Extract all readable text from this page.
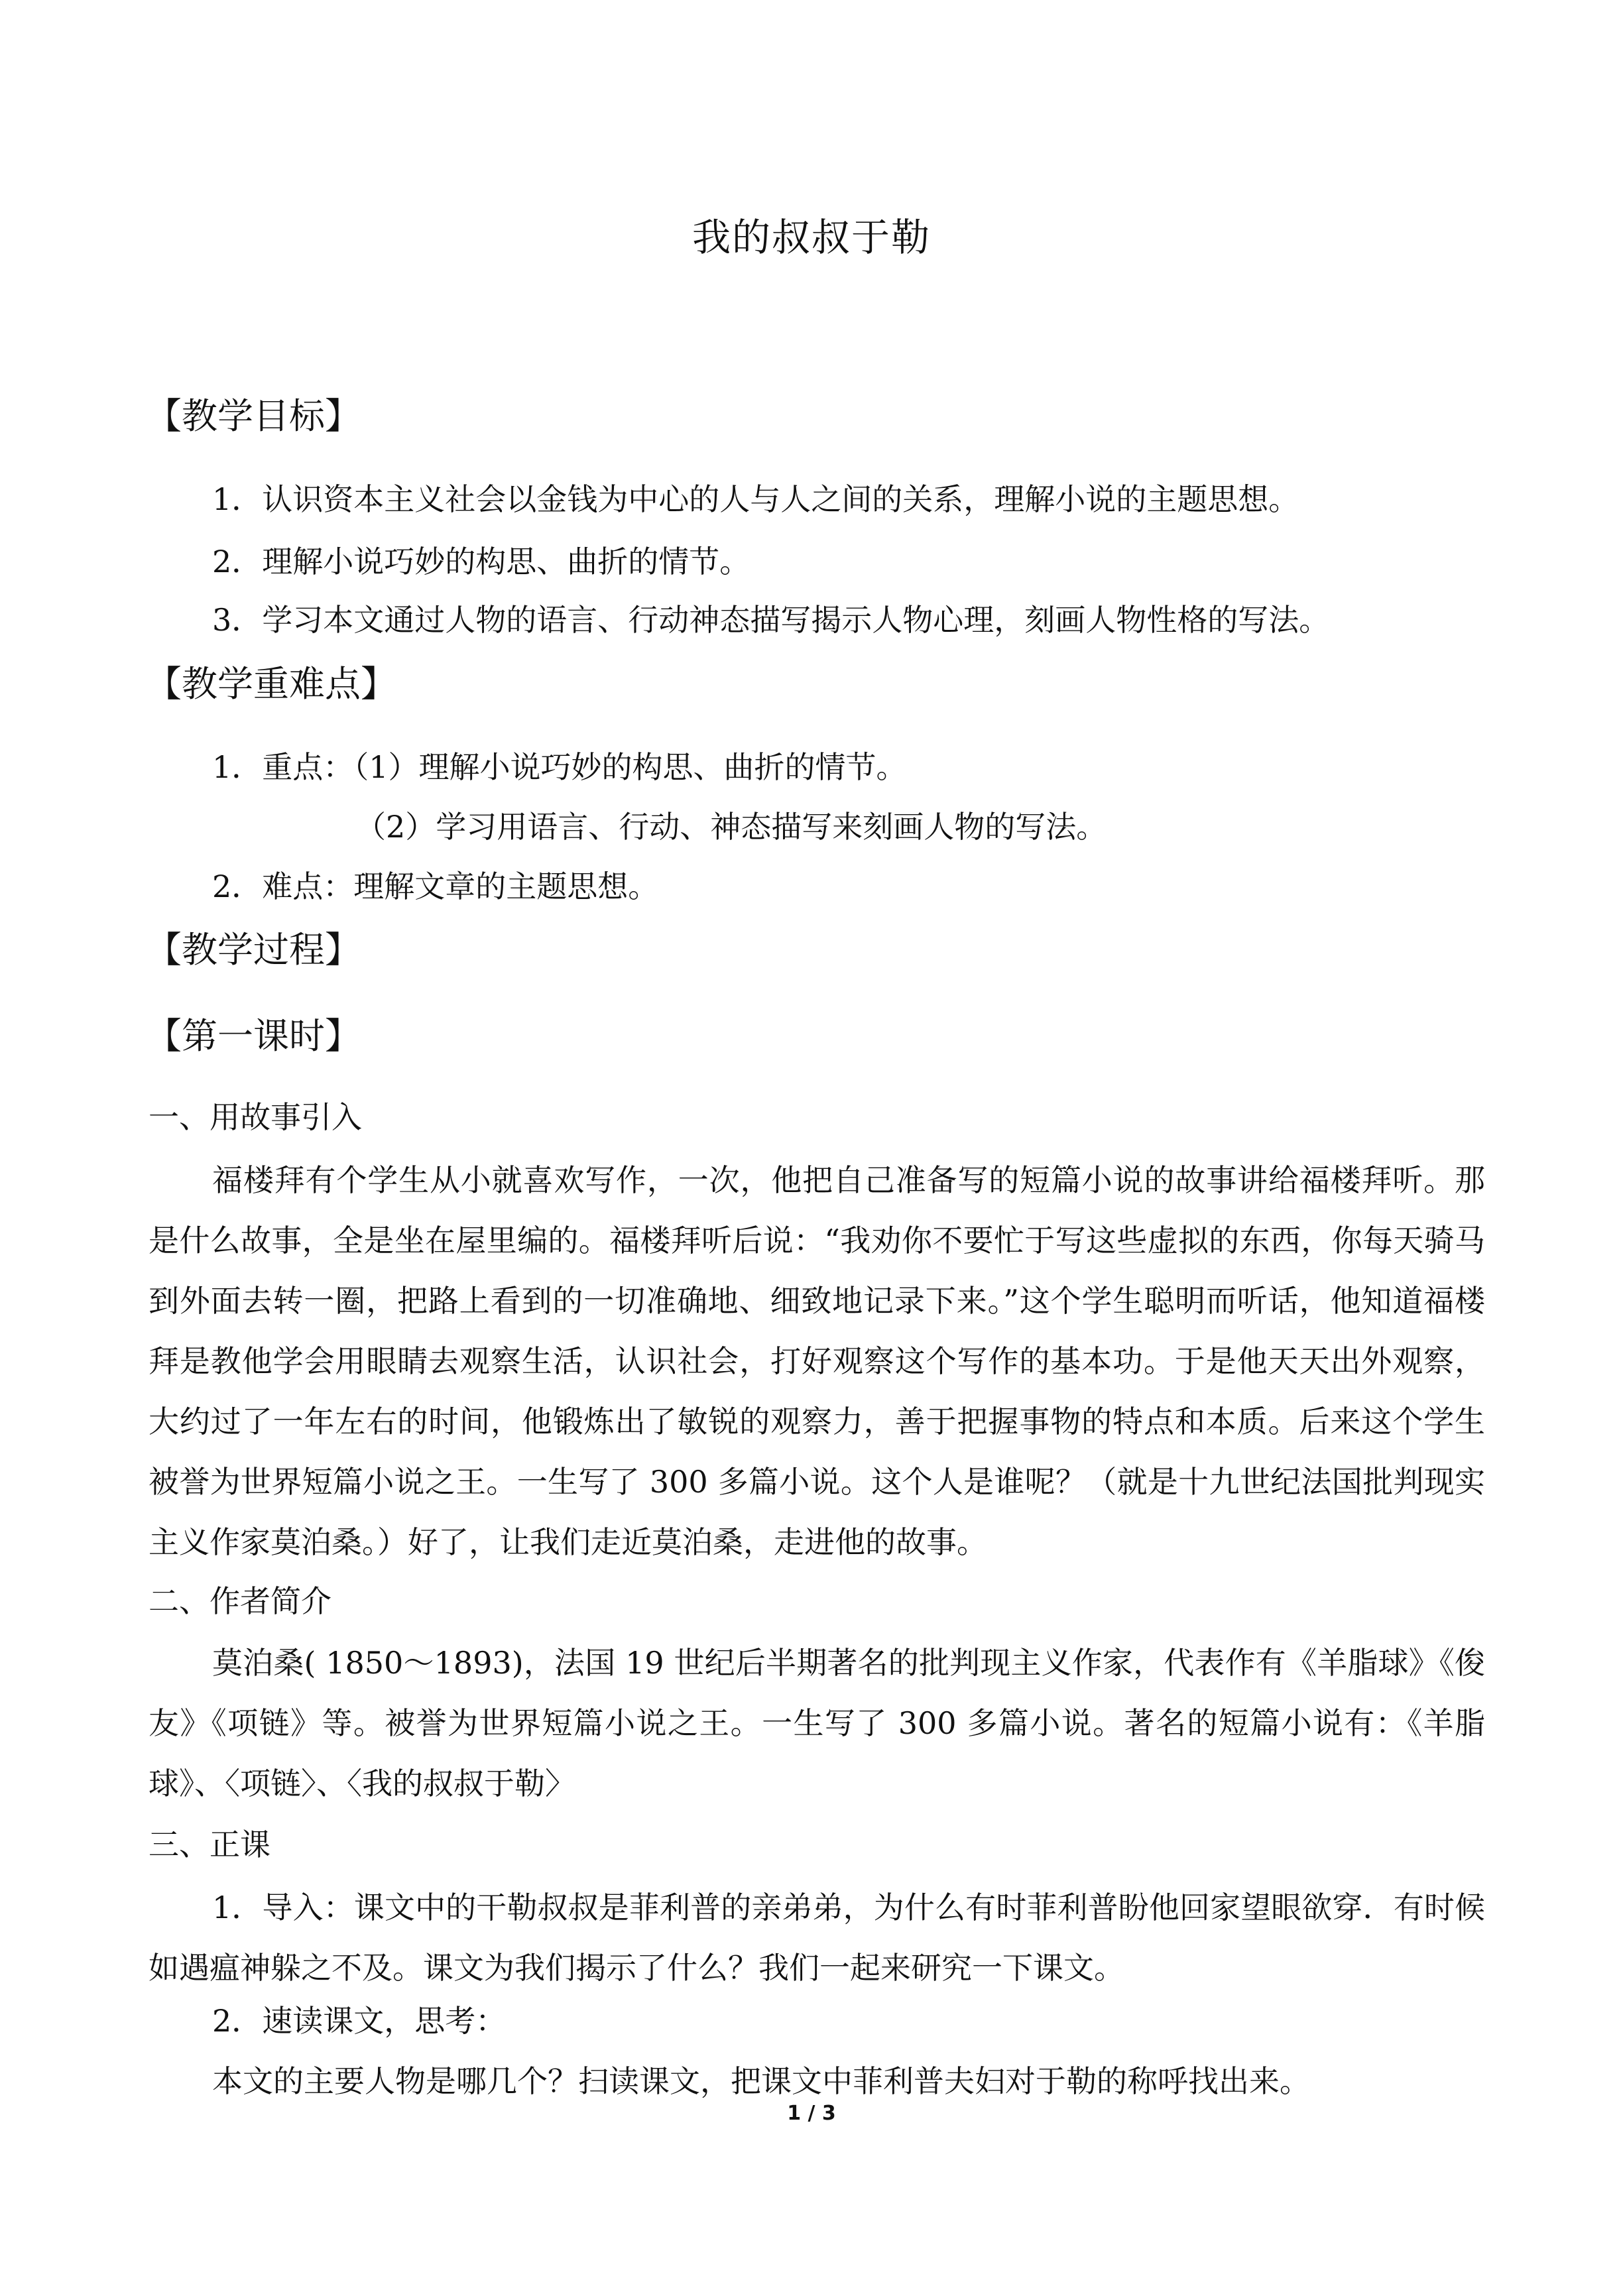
我的叔叔于勒
【教学目标】
1．认识资本主义社会以金钱为中心的人与人之间的关系，理解小说的主题思想。
2．理解小说巧妙的构思、曲折的情节。
3．学习本文通过人物的语言、行动神态描写揭示人物心理，刻画人物性格的写法。
【教学重难点】
1．重点：（1）理解小说巧妙的构思、曲折的情节。
（2）学习用语言、行动、神态描写来刻画人物的写法。
2．难点：理解文章的主题思想。
【教学过程】
【第一课时】
一、用故事引入
福楼拜有个学生从小就喜欢写作，一次，他把自己准备写的短篇小说的故事讲给福楼拜听。那是什么故事，全是坐在屋里编的。福楼拜听后说：“我劝你不要忙于写这些虚拟的东西，你每天骑马到外面去转一圈，把路上看到的一切准确地、细致地记录下来。”这个学生聪明而听话，他知道福楼拜是教他学会用眼睛去观察生活，认识社会，打好观察这个写作的基本功。于是他天天出外观察，大约过了一年左右的时间，他锻炼出了敏锐的观察力，善于把握事物的特点和本质。后来这个学生被誉为世界短篇小说之王。一生写了 300 多篇小说。这个人是谁呢？（就是十九世纪法国批判现实主义作家莫泊桑。）好了，让我们走近莫泊桑，走进他的故事。
二、作者简介
莫泊桑( 1850～1893)，法国 19 世纪后半期著名的批判现主义作家，代表作有《羊脂球》《俊友》《项链》等。被誉为世界短篇小说之王。一生写了 300 多篇小说。著名的短篇小说有：《羊脂球》、〈项链〉、〈我的叔叔于勒〉
三、正课
1．导入：课文中的干勒叔叔是菲利普的亲弟弟，为什么有时菲利普盼他回家望眼欲穿．有时候如遇瘟神躲之不及。课文为我们揭示了什么？我们一起来研究一下课文。
2．速读课文，思考：
本文的主要人物是哪几个？扫读课文，把课文中菲利普夫妇对于勒的称呼找出来。
1 / 3
